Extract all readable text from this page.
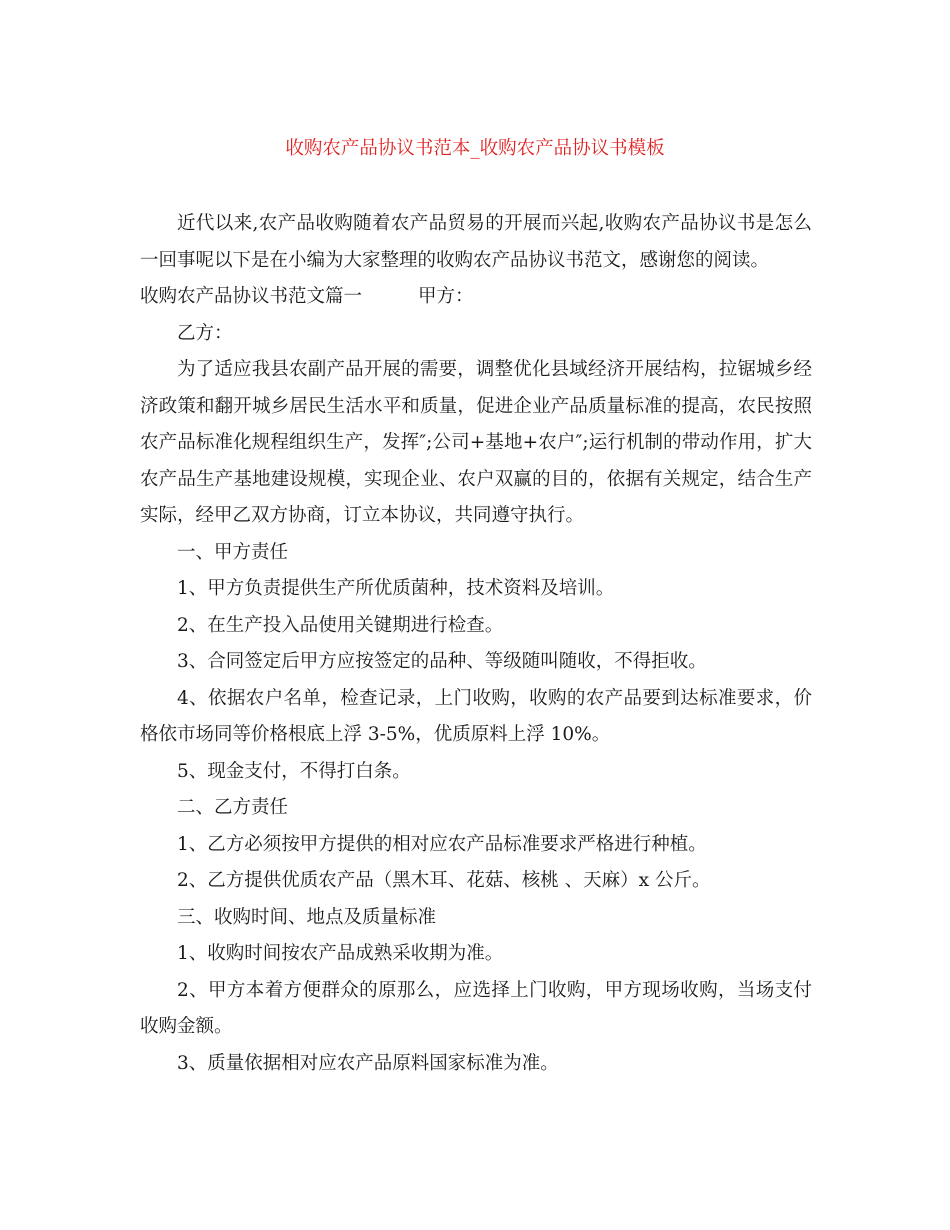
收购农产品协议书范本_收购农产品协议书模板

近代以来,农产品收购随着农产品贸易的开展而兴起,收购农产品协议书是怎么一回事呢以下是在小编为大家整理的收购农产品协议书范文，感谢您的阅读。

收购农产品协议书范文篇一	甲方：

乙方：

为了适应我县农副产品开展的需要，调整优化县域经济开展结构，拉锯城乡经济政策和翻开城乡居民生活水平和质量，促进企业产品质量标准的提高，农民按照农产品标准化规程组织生产，发挥″;公司+基地+农户″;运行机制的带动作用，扩大农产品生产基地建设规模，实现企业、农户双赢的目的，依据有关规定，结合生产实际，经甲乙双方协商，订立本协议，共同遵守执行。

一、甲方责任

1、甲方负责提供生产所优质菌种，技术资料及培训。

2、在生产投入品使用关键期进行检查。

3、合同签定后甲方应按签定的品种、等级随叫随收，不得拒收。

4、依据农户名单，检查记录，上门收购，收购的农产品要到达标准要求，价格依市场同等价格根底上浮 3-5%，优质原料上浮 10%。

5、现金支付，不得打白条。

二、乙方责任

1、乙方必须按甲方提供的相对应农产品标准要求严格进行种植。

2、乙方提供优质农产品（黑木耳、花菇、核桃 、天麻）x 公斤。

三、收购时间、地点及质量标准

1、收购时间按农产品成熟采收期为准。

2、甲方本着方便群众的原那么，应选择上门收购，甲方现场收购，当场支付收购金额。

3、质量依据相对应农产品原料国家标准为准。
